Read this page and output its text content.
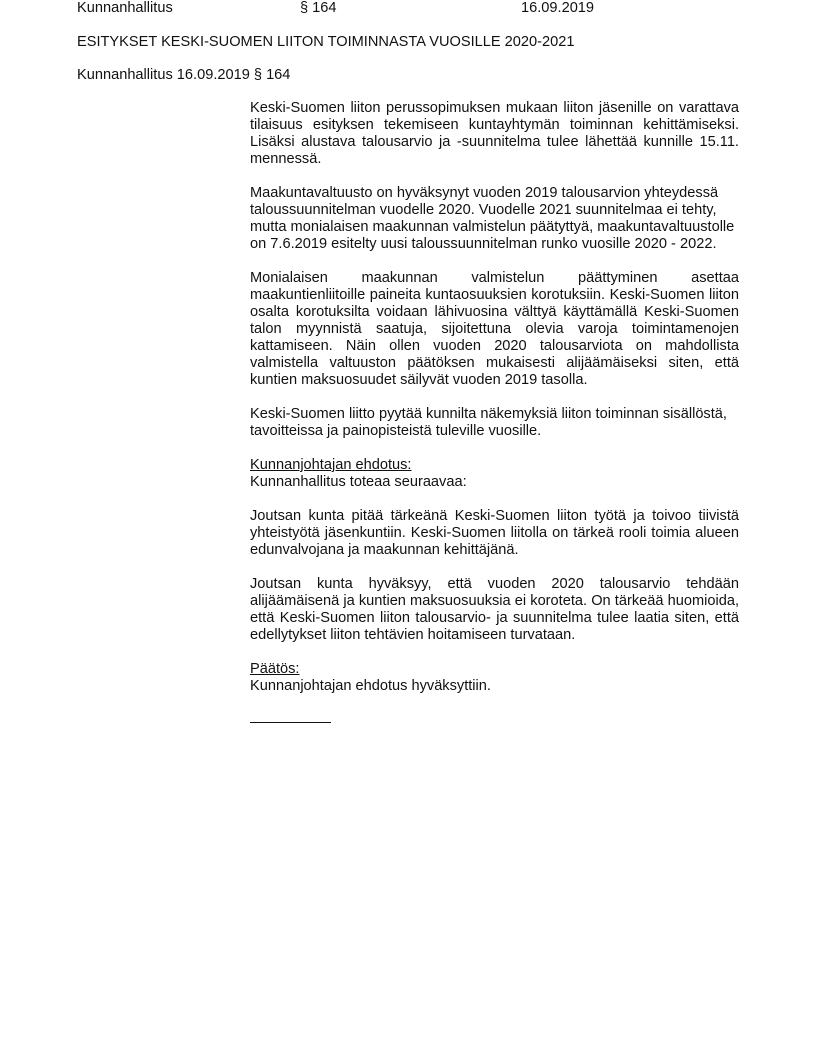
Kunnanhallitus	§ 164	16.09.2019
ESITYKSET KESKI-SUOMEN LIITON TOIMINNASTA VUOSILLE 2020-2021
Kunnanhallitus 16.09.2019 § 164

Keski-Suomen liiton perussopimuksen mukaan liiton jäsenille on varattava tilaisuus esityksen tekemiseen kuntayhtymän toiminnan kehittämiseksi. Lisäksi alustava talousarvio ja -suunnitelma tulee lähettää kunnille 15.11. mennessä.

Maakuntavaltuusto on hyväksynyt vuoden 2019 talousarvion yhteydessä taloussuunnitelman vuodelle 2020. Vuodelle 2021 suunnitelmaa ei tehty, mutta monialaisen maakunnan valmistelun päätyttyä, maakuntavaltuustolle on 7.6.2019 esitelty uusi taloussuunnitelman runko vuosille 2020 - 2022.

Monialaisen maakunnan valmistelun päättyminen asettaa maakuntienliitoille paineita kuntaosuuksien korotuksiin. Keski-Suomen liiton osalta korotuksilta voidaan lähivuosina välttyä käyttämällä Keski-Suomen talon myynnistä saatuja, sijoitettuna olevia varoja toimintamenojen kattamiseen. Näin ollen vuoden 2020 talousarviota on mahdollista valmistella valtuuston päätöksen mukaisesti alijäämäiseksi siten, että kuntien maksuosuudet säilyvät vuoden 2019 tasolla.

Keski-Suomen liitto pyytää kunnilta näkemyksiä liiton toiminnan sisällöstä, tavoitteissa ja painopisteistä tuleville vuosille.

Kunnanjohtajan ehdotus:
Kunnanhallitus toteaa seuraavaa:

Joutsan kunta pitää tärkeänä Keski-Suomen liiton työtä ja toivoo tiivistä yhteistyötä jäsenkuntiin. Keski-Suomen liitolla on tärkeä rooli toimia alueen edunvalvojana ja maakunnan kehittäjänä.

Joutsan kunta hyväksyy, että vuoden 2020 talousarvio tehdään alijäämäisenä ja kuntien maksuosuuksia ei koroteta. On tärkeää huomioida, että Keski-Suomen liiton talousarvio- ja suunnitelma tulee laatia siten, että edellytykset liiton tehtävien hoitamiseen turvataan.

Päätös:
Kunnanjohtajan ehdotus hyväksyttiin.
